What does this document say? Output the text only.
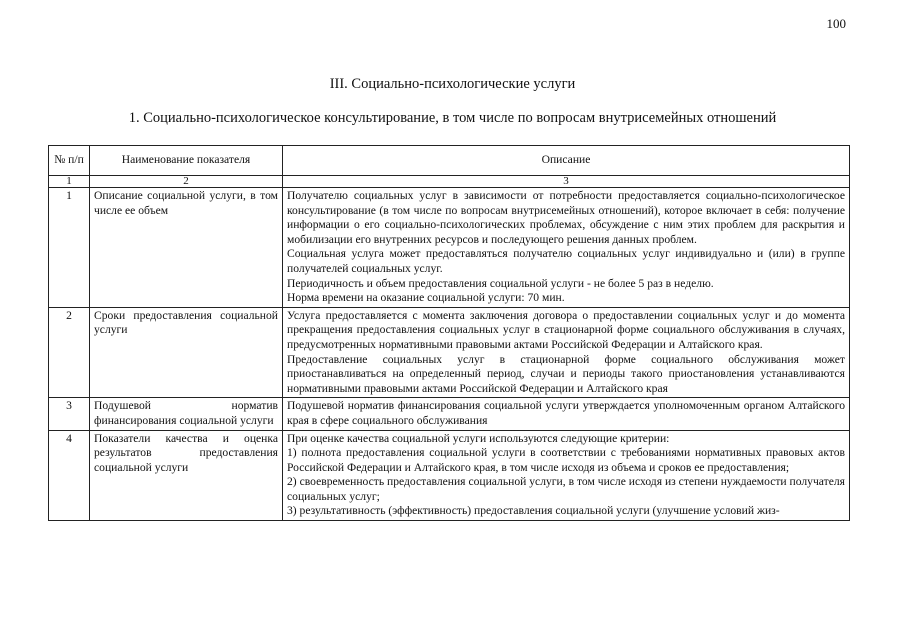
100
III. Социально-психологические услуги
1. Социально-психологическое консультирование, в том числе по вопросам внутрисемейных отношений
№ п/п	Наименование показателя	Описание
1	2	3
1	Описание социальной услуги, в том числе ее объем	Получателю социальных услуг в зависимости от потребности предоставляется социально-психологическое консультирование (в том числе по вопросам внутрисемейных отношений), которое включает в себя: получение информации о его социально-психологических проблемах, обсуждение с ним этих проблем для раскрытия и мобилизации его внутренних ресурсов и последующего решения данных проблем.
Социальная услуга может предоставляться получателю социальных услуг индивидуально и (или) в группе получателей социальных услуг.
Периодичность и объем предоставления социальной услуги - не более 5 раз в неделю.
Норма времени на оказание социальной услуги: 70 мин.

2	Сроки предоставления социальной услуги	Услуга предоставляется с момента заключения договора о предоставлении социальных услуг и до момента прекращения предоставления социальных услуг в стационарной форме социального обслуживания в случаях, предусмотренных нормативными правовыми актами Российской Федерации и Алтайского края.
Предоставление социальных услуг в стационарной форме социального обслуживания может приостанавливаться на определенный период, случаи и периоды такого приостановления устанавливаются нормативными правовыми актами Российской Федерации и Алтайского края

3	Подушевой норматив финансирования социальной услуги	Подушевой норматив финансирования социальной услуги утверждается уполномоченным органом Алтайского края в сфере социального обслуживания

4	Показатели качества и оценка результатов предоставления социальной услуги	При оценке качества социальной услуги используются следующие критерии:
1) полнота предоставления социальной услуги в соответствии с требованиями нормативных правовых актов Российской Федерации и Алтайского края, в том числе исходя из объема и сроков ее предоставления;
2) своевременность предоставления социальной услуги, в том числе исходя из степени нуждаемости получателя социальных услуг;
3) результативность (эффективность) предоставления социальной услуги (улучшение условий жиз-
